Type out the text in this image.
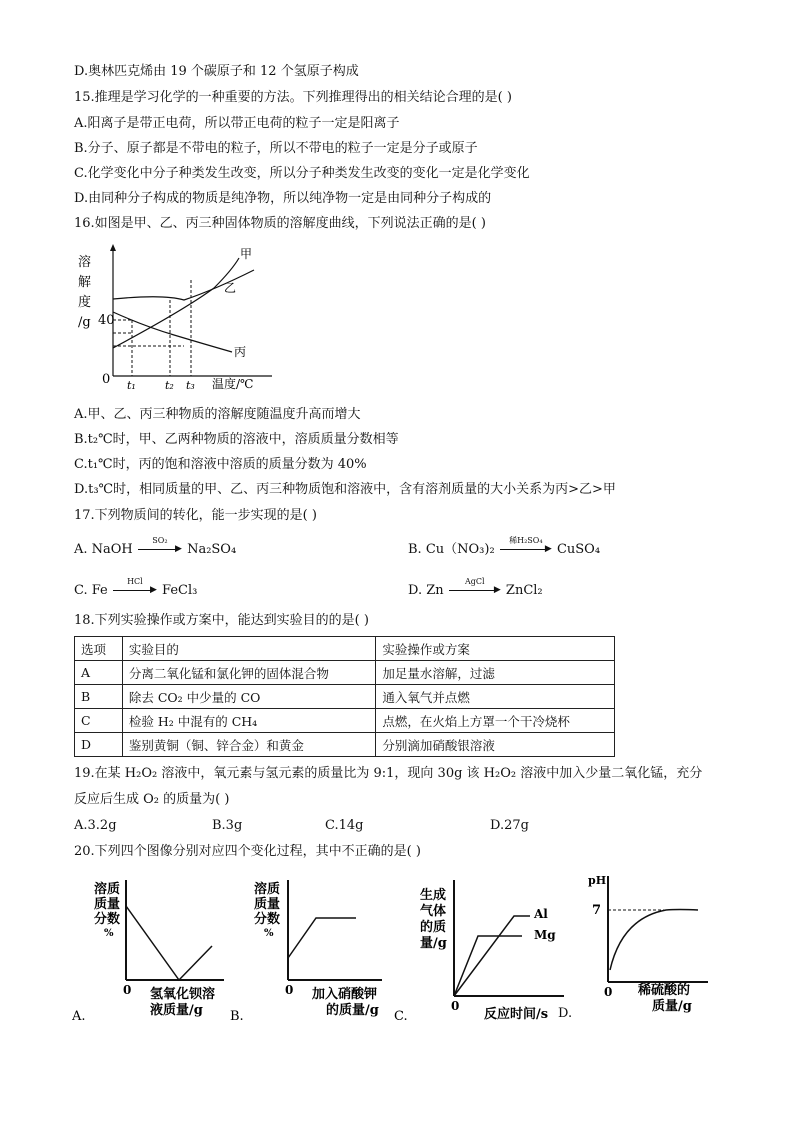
D.奥林匹克烯由 19 个碳原子和 12 个氢原子构成
15.推理是学习化学的一种重要的方法。下列推理得出的相关结论合理的是( )
A.阳离子是带正电荷，所以带正电荷的粒子一定是阳离子
B.分子、原子都是不带电的粒子，所以不带电的粒子一定是分子或原子
C.化学变化中分子种类发生改变，所以分子种类发生改变的变化一定是化学变化
D.由同种分子构成的物质是纯净物，所以纯净物一定是由同种分子构成的
16.如图是甲、乙、丙三种固体物质的溶解度曲线，下列说法正确的是( )
溶
解
度
/g 40
0 t₁	t₂ t₃ 温度/℃
甲
乙
丙
A.甲、乙、丙三种物质的溶解度随温度升高而增大
B.t₂℃时，甲、乙两种物质的溶液中，溶质质量分数相等
C.t₁℃时，丙的饱和溶液中溶质的质量分数为 40%
D.t₃℃时，相同质量的甲、乙、丙三种物质饱和溶液中，含有溶剂质量的大小关系为丙>乙>甲
17.下列物质间的转化，能一步实现的是( )
A. NaOH
SO₂
▶ Na₂SO₄	B. Cu（NO₃)₂
稀H₂SO₄
▶ CuSO₄
C. Fe
HCl
▶ FeCl₃	D. Zn
AgCl
▶ ZnCl₂
18.下列实验操作或方案中，能达到实验目的的是( )
选项	实验目的	实验操作或方案
A	分离二氧化锰和氯化钾的固体混合物	加足量水溶解，过滤
B	除去 CO₂ 中少量的 CO	通入氧气并点燃
C	检验 H₂ 中混有的 CH₄	点燃，在火焰上方罩一个干冷烧杯
D	鉴别黄铜（铜、锌合金）和黄金	分别滴加硝酸银溶液
19.在某 H₂O₂ 溶液中，氧元素与氢元素的质量比为 9:1，现向 30g 该 H₂O₂ 溶液中加入少量二氧化锰，充分
反应后生成 O₂ 的质量为( )
A.3.2g	B.3g	C.14g	D.27g
20.下列四个图像分别对应四个变化过程，其中不正确的是( )
溶质
质量
分数
%
0 氢氧化钡溶
液质量/g
A.
溶质
质量
分数
%
0 加入硝酸钾
的质量/g
B.
Al
Mg
生成
气体
的质
量/g
0
反应时间/s
C.	D.
pH
7
0 稀硫酸的
质量/g
